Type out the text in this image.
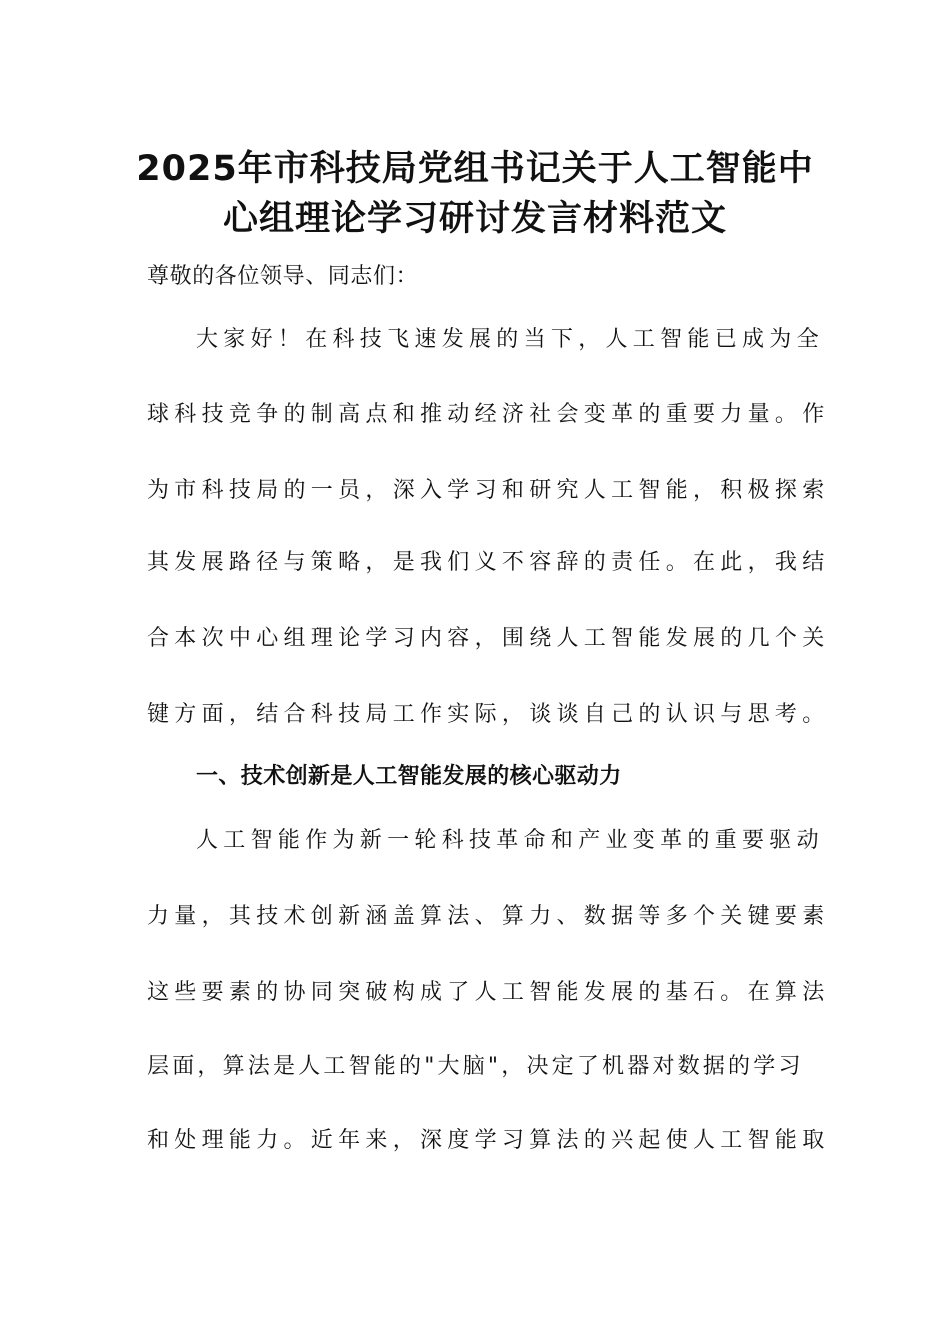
2025年市科技局党组书记关于人工智能中
心组理论学习研讨发言材料范文

尊敬的各位领导、同志们：

大家好！在科技飞速发展的当下，人工智能已成为全

球科技竞争的制高点和推动经济社会变革的重要力量。作

为市科技局的一员，深入学习和研究人工智能，积极探索

其发展路径与策略，是我们义不容辞的责任。在此，我结

合本次中心组理论学习内容，围绕人工智能发展的几个关

键方面，结合科技局工作实际，谈谈自己的认识与思考。

一、技术创新是人工智能发展的核心驱动力

人工智能作为新一轮科技革命和产业变革的重要驱动

力量，其技术创新涵盖算法、算力、数据等多个关键要素

这些要素的协同突破构成了人工智能发展的基石。在算法

层面，算法是人工智能的"大脑"，决定了机器对数据的学习

和处理能力。近年来，深度学习算法的兴起使人工智能取
